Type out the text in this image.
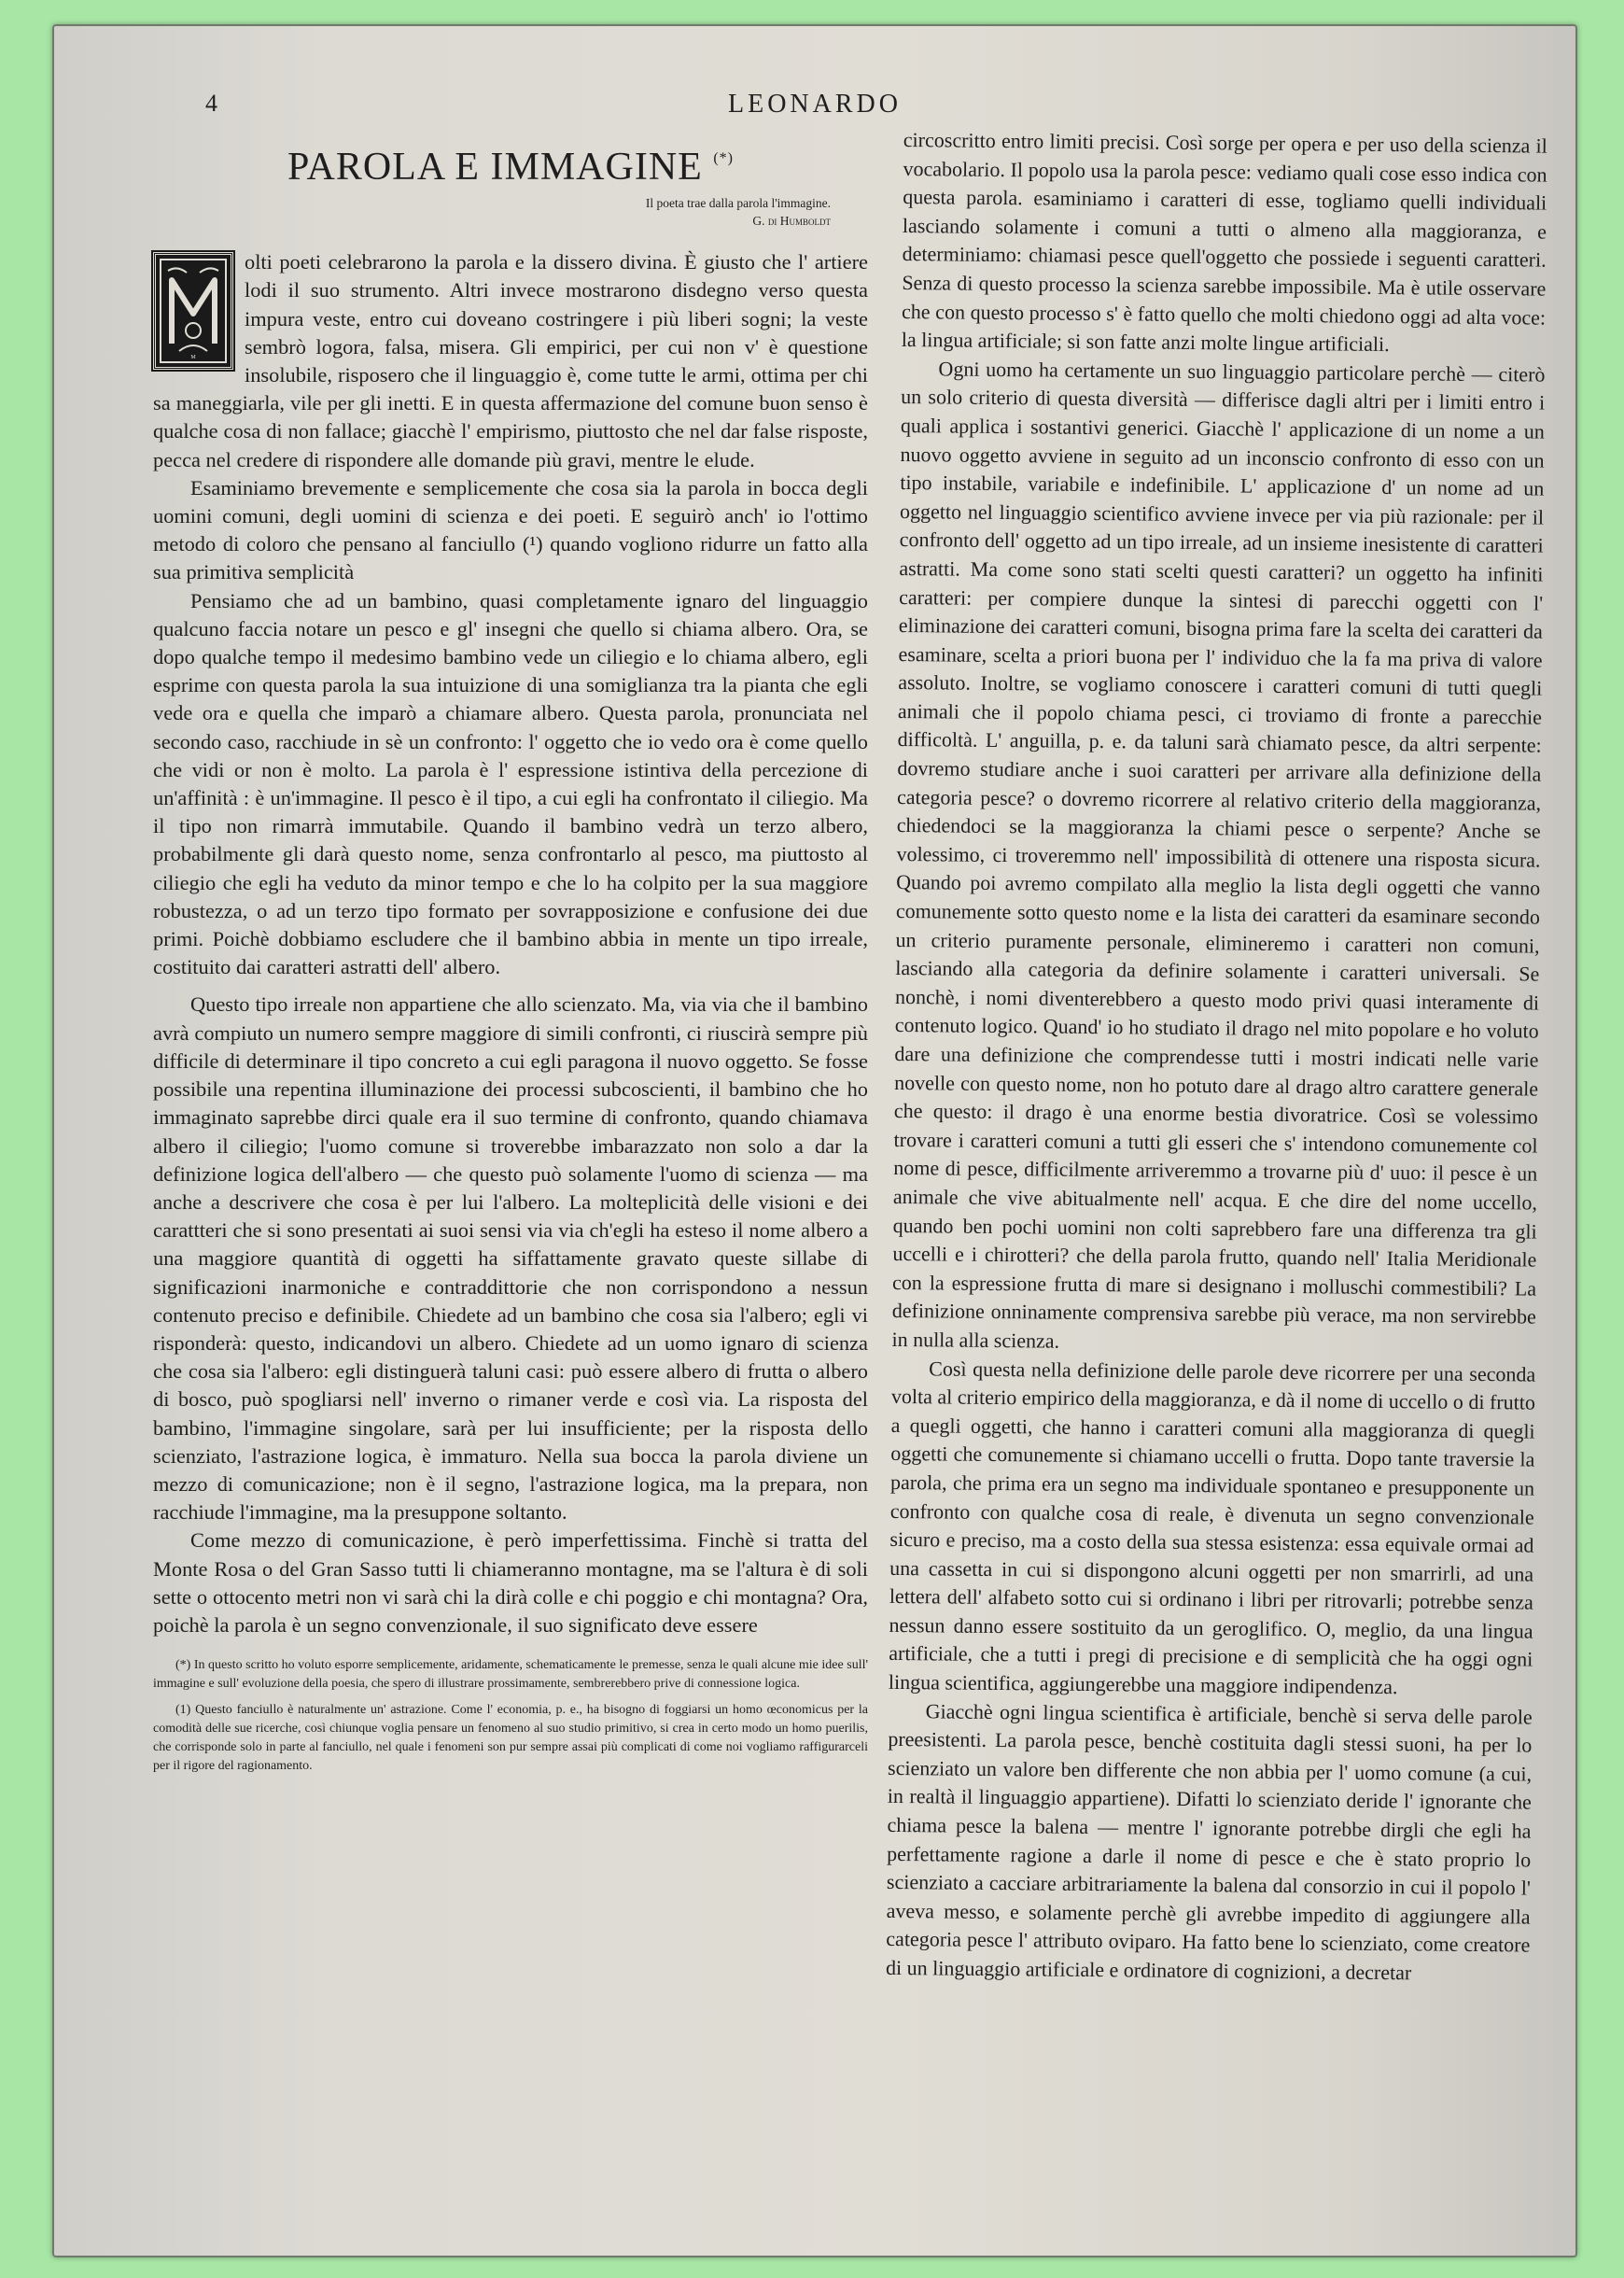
4	LEONARDO
PAROLA E IMMAGINE (*)
Il poeta trae dalla parola l'immagine.
G. di Humboldt
M

olti poeti celebrarono la parola e la dissero divina. È giusto che l' artiere lodi il suo strumento. Altri invece mostrarono disdegno verso questa impura veste, entro cui doveano costringere i più liberi sogni; la veste sembrò logora, falsa, misera. Gli empirici, per cui non v' è questione insolubile, risposero che il linguaggio è, come tutte le armi, ottima per chi sa maneggiarla, vile per gli inetti. E in questa affermazione del comune buon senso è qualche cosa di non fallace; giacchè l' empirismo, piuttosto che nel dar false risposte, pecca nel credere di rispondere alle domande più gravi, mentre le elude.

Esaminiamo brevemente e semplicemente che cosa sia la parola in bocca degli uomini comuni, degli uomini di scienza e dei poeti. E seguirò anch' io l'ottimo metodo di coloro che pensano al fanciullo (¹) quando vogliono ridurre un fatto alla sua primitiva semplicità

Pensiamo che ad un bambino, quasi completamente ignaro del linguaggio qualcuno faccia notare un pesco e gl' insegni che quello si chiama albero. Ora, se dopo qualche tempo il medesimo bambino vede un ciliegio e lo chiama albero, egli esprime con questa parola la sua intuizione di una somiglianza tra la pianta che egli vede ora e quella che imparò a chiamare albero. Questa parola, pronunciata nel secondo caso, racchiude in sè un confronto: l' oggetto che io vedo ora è come quello che vidi or non è molto. La parola è l' espressione istintiva della percezione di un'affinità : è un'immagine. Il pesco è il tipo, a cui egli ha confrontato il ciliegio. Ma il tipo non rimarrà immutabile. Quando il bambino vedrà un terzo albero, probabilmente gli darà questo nome, senza confrontarlo al pesco, ma piuttosto al ciliegio che egli ha veduto da minor tempo e che lo ha colpito per la sua maggiore robustezza, o ad un terzo tipo formato per sovrapposizione e confusione dei due primi. Poichè dobbiamo escludere che il bambino abbia in mente un tipo irreale, costituito dai caratteri astratti dell' albero.

Questo tipo irreale non appartiene che allo scienzato. Ma, via via che il bambino avrà compiuto un numero sempre maggiore di simili confronti, ci riuscirà sempre più difficile di determinare il tipo concreto a cui egli paragona il nuovo oggetto. Se fosse possibile una repentina illuminazione dei processi subcoscienti, il bambino che ho immaginato saprebbe dirci quale era il suo termine di confronto, quando chiamava albero il ciliegio; l'uomo comune si troverebbe imbarazzato non solo a dar la definizione logica dell'albero — che questo può solamente l'uomo di scienza — ma anche a descrivere che cosa è per lui l'albero. La molteplicità delle visioni e dei carattteri che si sono presentati ai suoi sensi via via ch'egli ha esteso il nome albero a una maggiore quantità di oggetti ha siffattamente gravato queste sillabe di significazioni inarmoniche e contraddittorie che non corrispondono a nessun contenuto preciso e definibile. Chiedete ad un bambino che cosa sia l'albero; egli vi risponderà: questo, indicandovi un albero. Chiedete ad un uomo ignaro di scienza che cosa sia l'albero: egli distinguerà taluni casi: può essere albero di frutta o albero di bosco, può spogliarsi nell' inverno o rimaner verde e così via. La risposta del bambino, l'immagine singolare, sarà per lui insufficiente; per la risposta dello scienziato, l'astrazione logica, è immaturo. Nella sua bocca la parola diviene un mezzo di comunicazione; non è il segno, l'astrazione logica, ma la prepara, non racchiude l'immagine, ma la presuppone soltanto.

Come mezzo di comunicazione, è però imperfettissima. Finchè si tratta del Monte Rosa o del Gran Sasso tutti li chiameranno montagne, ma se l'altura è di soli sette o ottocento metri non vi sarà chi la dirà colle e chi poggio e chi montagna? Ora, poichè la parola è un segno convenzionale, il suo significato deve essere

(*) In questo scritto ho voluto esporre semplicemente, aridamente, schematicamente le premesse, senza le quali alcune mie idee sull' immagine e sull' evoluzione della poesia, che spero di illustrare prossimamente, sembrerebbero prive di connessione logica.

(1) Questo fanciullo è naturalmente un' astrazione. Come l' economia, p. e., ha bisogno di foggiarsi un homo œconomicus per la comodità delle sue ricerche, così chiunque voglia pensare un fenomeno al suo studio primitivo, si crea in certo modo un homo puerilis, che corrisponde solo in parte al fanciullo, nel quale i fenomeni son pur sempre assai più complicati di come noi vogliamo raffigurarceli per il rigore del ragionamento.

circoscritto entro limiti precisi. Così sorge per opera e per uso della scienza il vocabolario. Il popolo usa la parola pesce: vediamo quali cose esso indica con questa parola. esaminiamo i caratteri di esse, togliamo quelli individuali lasciando solamente i comuni a tutti o almeno alla maggioranza, e determiniamo: chiamasi pesce quell'oggetto che possiede i seguenti caratteri. Senza di questo processo la scienza sarebbe impossibile. Ma è utile osservare che con questo processo s' è fatto quello che molti chiedono oggi ad alta voce: la lingua artificiale; si son fatte anzi molte lingue artificiali.

Ogni uomo ha certamente un suo linguaggio particolare perchè — citerò un solo criterio di questa diversità — differisce dagli altri per i limiti entro i quali applica i sostantivi generici. Giacchè l' applicazione di un nome a un nuovo oggetto avviene in seguito ad un inconscio confronto di esso con un tipo instabile, variabile e indefinibile. L' applicazione d' un nome ad un oggetto nel linguaggio scientifico avviene invece per via più razionale: per il confronto dell' oggetto ad un tipo irreale, ad un insieme inesistente di caratteri astratti. Ma come sono stati scelti questi caratteri? un oggetto ha infiniti caratteri: per compiere dunque la sintesi di parecchi oggetti con l' eliminazione dei caratteri comuni, bisogna prima fare la scelta dei caratteri da esaminare, scelta a priori buona per l' individuo che la fa ma priva di valore assoluto. Inoltre, se vogliamo conoscere i caratteri comuni di tutti quegli animali che il popolo chiama pesci, ci troviamo di fronte a parecchie difficoltà. L' anguilla, p. e. da taluni sarà chiamato pesce, da altri serpente: dovremo studiare anche i suoi caratteri per arrivare alla definizione della categoria pesce? o dovremo ricorrere al relativo criterio della maggioranza, chiedendoci se la maggioranza la chiami pesce o serpente? Anche se volessimo, ci troveremmo nell' impossibilità di ottenere una risposta sicura. Quando poi avremo compilato alla meglio la lista degli oggetti che vanno comunemente sotto questo nome e la lista dei caratteri da esaminare secondo un criterio puramente personale, elimineremo i caratteri non comuni, lasciando alla categoria da definire solamente i caratteri universali. Se nonchè, i nomi diventerebbero a questo modo privi quasi interamente di contenuto logico. Quand' io ho studiato il drago nel mito popolare e ho voluto dare una definizione che comprendesse tutti i mostri indicati nelle varie novelle con questo nome, non ho potuto dare al drago altro carattere generale che questo: il drago è una enorme bestia divoratrice. Così se volessimo trovare i caratteri comuni a tutti gli esseri che s' intendono comunemente col nome di pesce, difficilmente arriveremmo a trovarne più d' uuo: il pesce è un animale che vive abitualmente nell' acqua. E che dire del nome uccello, quando ben pochi uomini non colti saprebbero fare una differenza tra gli uccelli e i chirotteri? che della parola frutto, quando nell' Italia Meridionale con la espressione frutta di mare si designano i molluschi commestibili? La definizione onninamente comprensiva sarebbe più verace, ma non servirebbe in nulla alla scienza.

Così questa nella definizione delle parole deve ricorrere per una seconda volta al criterio empirico della maggioranza, e dà il nome di uccello o di frutto a quegli oggetti, che hanno i caratteri comuni alla maggioranza di quegli oggetti che comunemente si chiamano uccelli o frutta. Dopo tante traversie la parola, che prima era un segno ma individuale spontaneo e presupponente un confronto con qualche cosa di reale, è divenuta un segno convenzionale sicuro e preciso, ma a costo della sua stessa esistenza: essa equivale ormai ad una cassetta in cui si dispongono alcuni oggetti per non smarrirli, ad una lettera dell' alfabeto sotto cui si ordinano i libri per ritrovarli; potrebbe senza nessun danno essere sostituito da un geroglifico. O, meglio, da una lingua artificiale, che a tutti i pregi di precisione e di semplicità che ha oggi ogni lingua scientifica, aggiungerebbe una maggiore indipendenza.

Giacchè ogni lingua scientifica è artificiale, benchè si serva delle parole preesistenti. La parola pesce, benchè costituita dagli stessi suoni, ha per lo scienziato un valore ben differente che non abbia per l' uomo comune (a cui, in realtà il linguaggio appartiene). Difatti lo scienziato deride l' ignorante che chiama pesce la balena — mentre l' ignorante potrebbe dirgli che egli ha perfettamente ragione a darle il nome di pesce e che è stato proprio lo scienziato a cacciare arbitrariamente la balena dal consorzio in cui il popolo l' aveva messo, e solamente perchè gli avrebbe impedito di aggiungere alla categoria pesce l' attributo oviparo. Ha fatto bene lo scienziato, come creatore di un linguaggio artificiale e ordinatore di cognizioni, a decretar
